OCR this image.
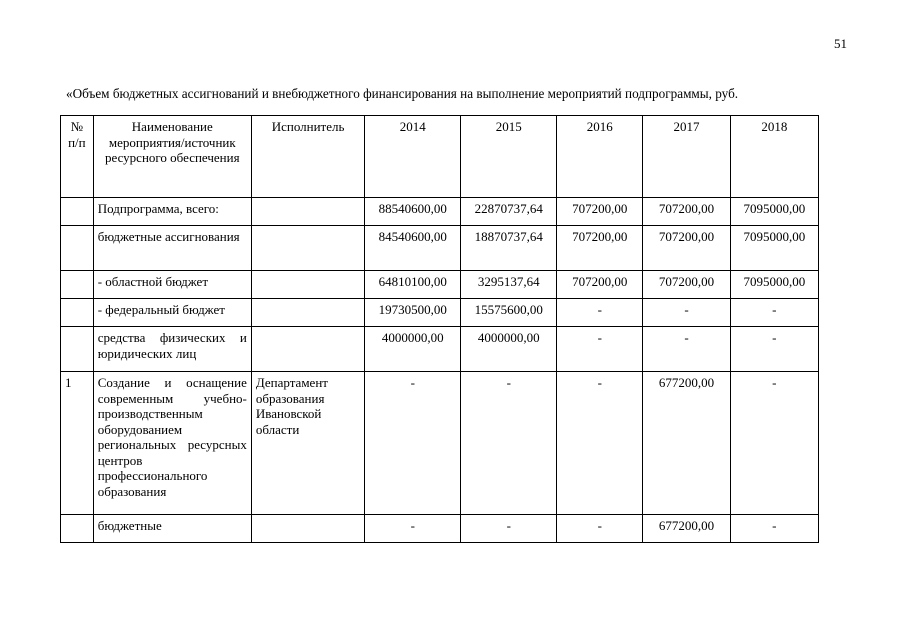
51
«Объем бюджетных ассигнований и внебюджетного финансирования на выполнение мероприятий подпрограммы, руб.
№ п/п	Наименование мероприятия/источник ресурсного обеспечения	Исполнитель	2014	2015	2016	2017	2018
	Подпрограмма, всего:		88540600,00	22870737,64	707200,00	707200,00	7095000,00
	бюджетные ассигнования		84540600,00	18870737,64	707200,00	707200,00	7095000,00
	- областной бюджет		64810100,00	3295137,64	707200,00	707200,00	7095000,00
	- федеральный бюджет		19730500,00	15575600,00	-	-	-
	средства физических и юридических лиц		4000000,00	4000000,00	-	-	-
1	Создание и оснащение современным учебно-производственным оборудованием региональных ресурсных центров профессионального образования	Департамент образования Ивановской области	-	-	-	677200,00	-
	бюджетные		-	-	-	677200,00	-
